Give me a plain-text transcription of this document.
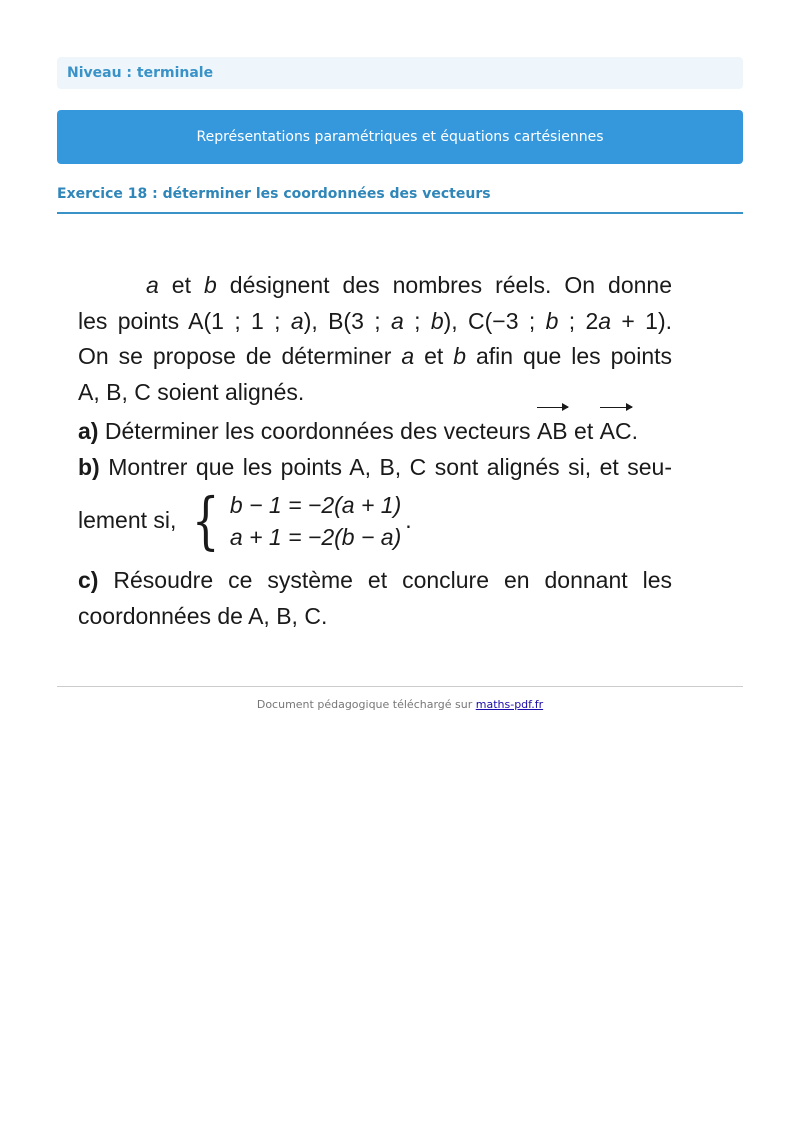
Niveau : terminale
Représentations paramétriques et équations cartésiennes
Exercice 18 : déterminer les coordonnées des vecteurs

a et b désignent des nombres réels. On donne

les points A(1 ; 1 ; a), B(3 ; a ; b), C(−3 ; b ; 2a + 1).

On se propose de déterminer a et b afin que les points

A, B, C soient alignés.

a) Déterminer les coordonnées des vecteurs
AB et
AC.

b) Montrer que les points A, B, C sont alignés si, et seu-

lement si, { b − 1 = −2(a + 1)
a + 1 = −2(b − a)
.

c) Résoudre ce système et conclure en donnant les

coordonnées de A, B, C.

Document pédagogique téléchargé sur maths-pdf.fr
